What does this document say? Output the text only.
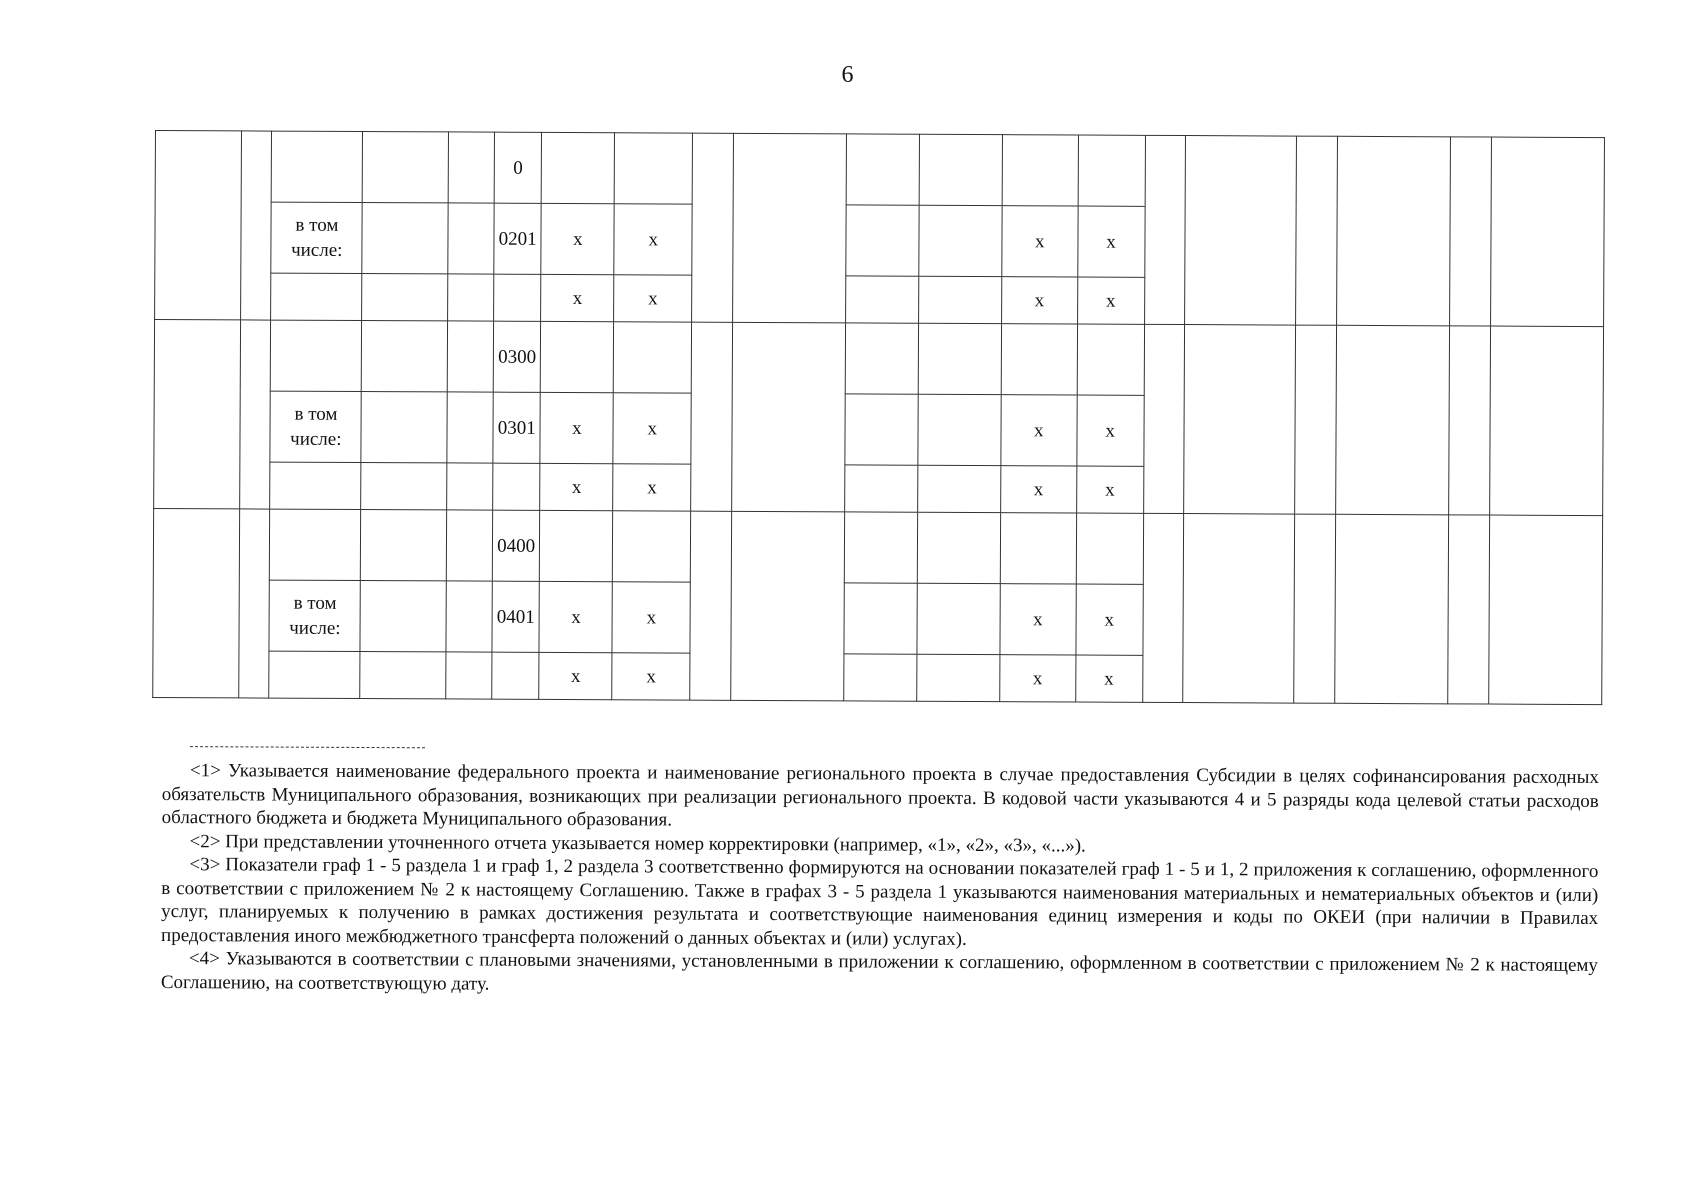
6
					0														
		в том числе:			0201	x	x					x	x						
						x	x					x	x						
					0300														
		в том числе:			0301	x	x					x	x						
						x	x					x	x						
					0400														
		в том числе:			0401	x	x					x	x						
						x	x					x	x						

<1> Указывается наименование федерального проекта и наименование регионального проекта в случае предоставления Субсидии в целях софинансирования расходных обязательств Муниципального образования, возникающих при реализации регионального проекта. В кодовой части указываются 4 и 5 разряды кода целевой статьи расходов областного бюджета и бюджета Муниципального образования.

<2> При представлении уточненного отчета указывается номер корректировки (например, «1», «2», «3», «...»).

<3> Показатели граф 1 - 5 раздела 1 и граф 1, 2 раздела 3 соответственно формируются на основании показателей граф 1 - 5 и 1, 2 приложения к соглашению, оформленного в соответствии с приложением № 2 к настоящему Соглашению. Также в графах 3 - 5 раздела 1 указываются наименования материальных и нематериальных объектов и (или) услуг, планируемых к получению в рамках достижения результата и соответствующие наименования единиц измерения и коды по ОКЕИ (при наличии в Правилах предоставления иного межбюджетного трансферта положений о данных объектах и (или) услугах).

<4> Указываются в соответствии с плановыми значениями, установленными в приложении к соглашению, оформленном в соответствии с приложением № 2 к настоящему Соглашению, на соответствующую дату.
